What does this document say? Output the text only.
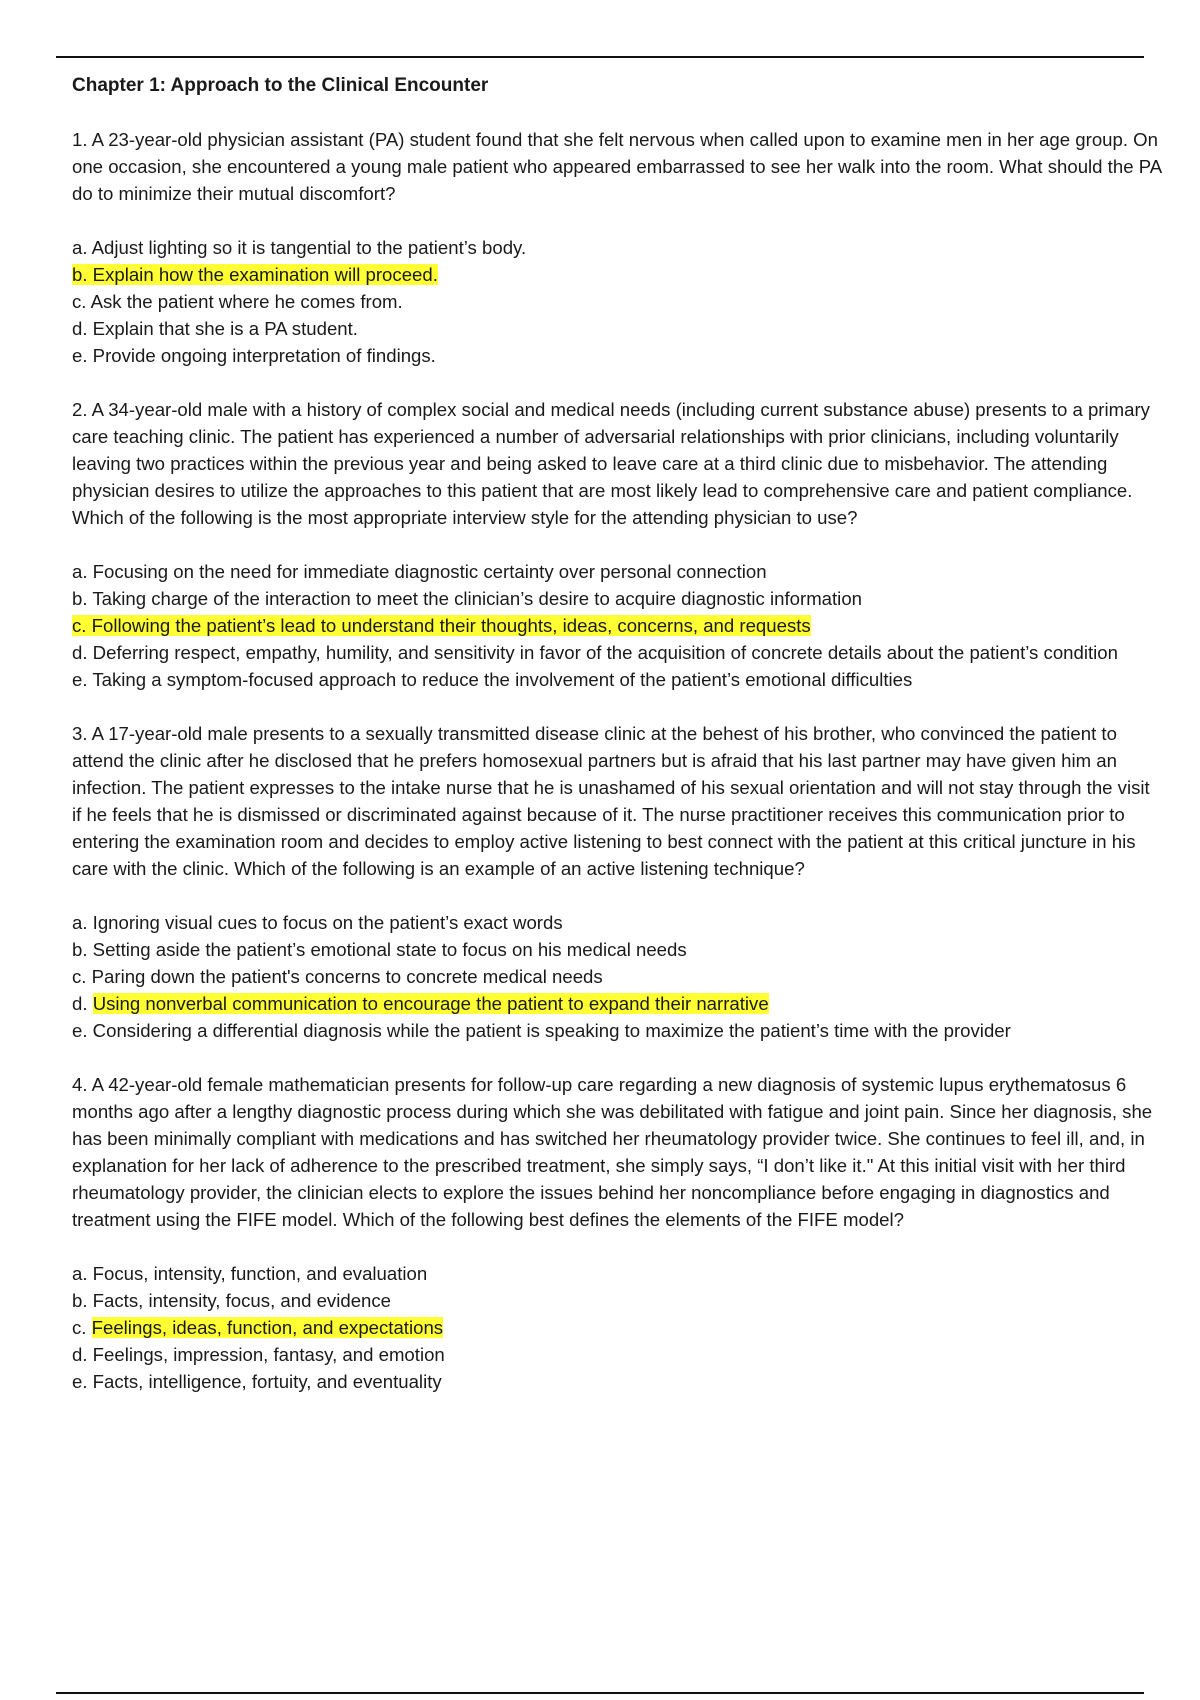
Chapter 1: Approach to the Clinical Encounter
1. A 23-year-old physician assistant (PA) student found that she felt nervous when called upon to examine men in her age group. On one occasion, she encountered a young male patient who appeared embarrassed to see her walk into the room. What should the PA do to minimize their mutual discomfort?
a. Adjust lighting so it is tangential to the patient’s body.
b. Explain how the examination will proceed.
c. Ask the patient where he comes from.
d. Explain that she is a PA student.
e. Provide ongoing interpretation of findings.
2. A 34-year-old male with a history of complex social and medical needs (including current substance abuse) presents to a primary care teaching clinic. The patient has experienced a number of adversarial relationships with prior clinicians, including voluntarily leaving two practices within the previous year and being asked to leave care at a third clinic due to misbehavior. The attending physician desires to utilize the approaches to this patient that are most likely lead to comprehensive care and patient compliance. Which of the following is the most appropriate interview style for the attending physician to use?
a. Focusing on the need for immediate diagnostic certainty over personal connection
b. Taking charge of the interaction to meet the clinician’s desire to acquire diagnostic information
c. Following the patient’s lead to understand their thoughts, ideas, concerns, and requests
d. Deferring respect, empathy, humility, and sensitivity in favor of the acquisition of concrete details about the patient’s condition
e. Taking a symptom-focused approach to reduce the involvement of the patient’s emotional difficulties
3. A 17-year-old male presents to a sexually transmitted disease clinic at the behest of his brother, who convinced the patient to attend the clinic after he disclosed that he prefers homosexual partners but is afraid that his last partner may have given him an infection. The patient expresses to the intake nurse that he is unashamed of his sexual orientation and will not stay through the visit if he feels that he is dismissed or discriminated against because of it. The nurse practitioner receives this communication prior to entering the examination room and decides to employ active listening to best connect with the patient at this critical juncture in his care with the clinic. Which of the following is an example of an active listening technique?
a. Ignoring visual cues to focus on the patient’s exact words
b. Setting aside the patient’s emotional state to focus on his medical needs
c. Paring down the patient's concerns to concrete medical needs
d. Using nonverbal communication to encourage the patient to expand their narrative
e. Considering a differential diagnosis while the patient is speaking to maximize the patient’s time with the provider
4. A 42-year-old female mathematician presents for follow-up care regarding a new diagnosis of systemic lupus erythematosus 6 months ago after a lengthy diagnostic process during which she was debilitated with fatigue and joint pain. Since her diagnosis, she has been minimally compliant with medications and has switched her rheumatology provider twice. She continues to feel ill, and, in explanation for her lack of adherence to the prescribed treatment, she simply says, “I don’t like it." At this initial visit with her third rheumatology provider, the clinician elects to explore the issues behind her noncompliance before engaging in diagnostics and treatment using the FIFE model. Which of the following best defines the elements of the FIFE model?
a. Focus, intensity, function, and evaluation
b. Facts, intensity, focus, and evidence
c. Feelings, ideas, function, and expectations
d. Feelings, impression, fantasy, and emotion
e. Facts, intelligence, fortuity, and eventuality
